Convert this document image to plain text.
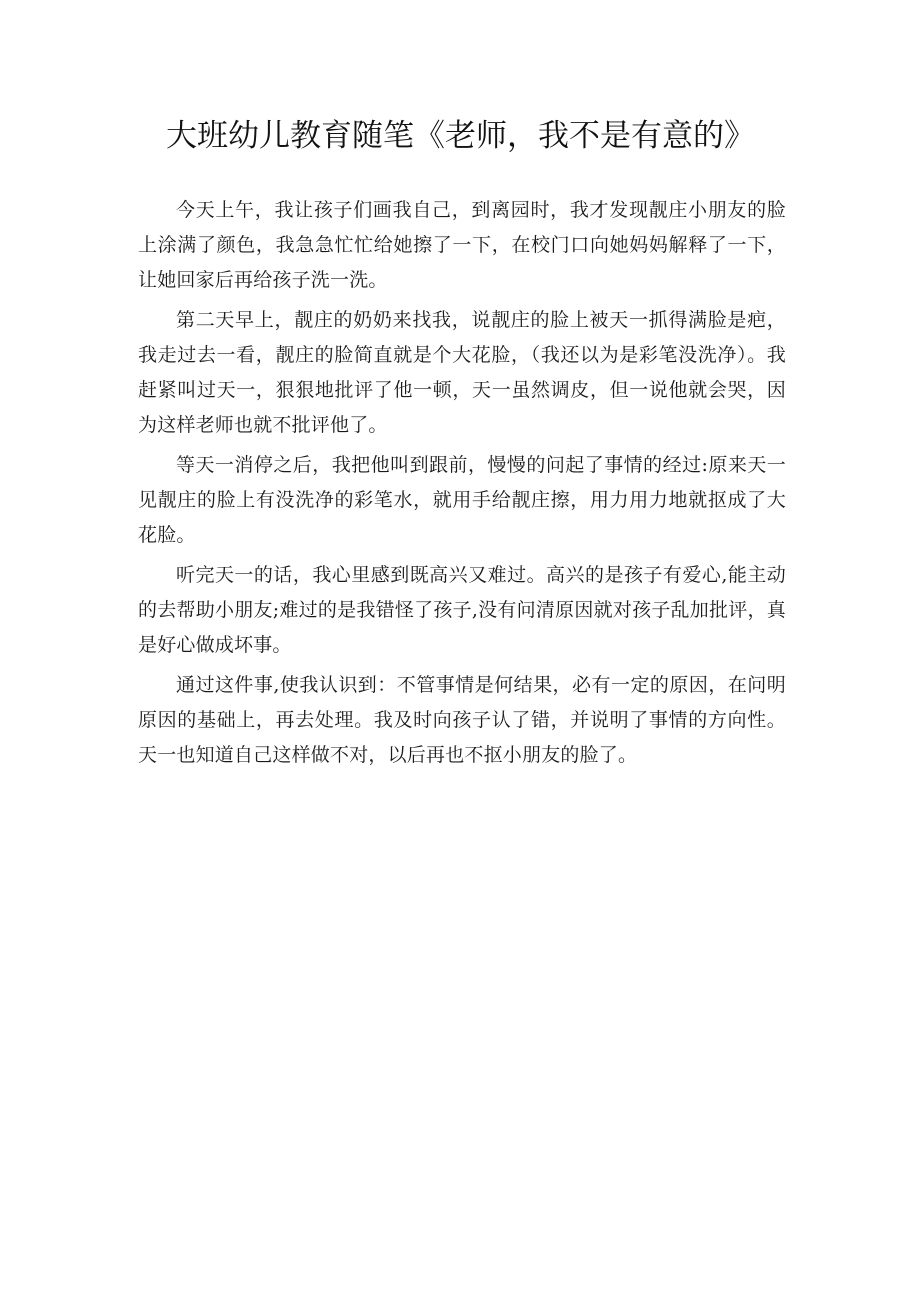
大班幼儿教育随笔《老师，我不是有意的》

今天上午，我让孩子们画我自己，到离园时，我才发现靓庄小朋友的脸上涂满了颜色，我急急忙忙给她擦了一下，在校门口向她妈妈解释了一下，让她回家后再给孩子洗一洗。

第二天早上，靓庄的奶奶来找我，说靓庄的脸上被天一抓得满脸是疤，我走过去一看，靓庄的脸简直就是个大花脸，（我还以为是彩笔没洗净）。我赶紧叫过天一，狠狠地批评了他一顿，天一虽然调皮，但一说他就会哭，因为这样老师也就不批评他了。

等天一消停之后，我把他叫到跟前，慢慢的问起了事情的经过:原来天一见靓庄的脸上有没洗净的彩笔水，就用手给靓庄擦，用力用力地就抠成了大花脸。

听完天一的话，我心里感到既高兴又难过。高兴的是孩子有爱心,能主动的去帮助小朋友;难过的是我错怪了孩子,没有问清原因就对孩子乱加批评，真是好心做成坏事。

通过这件事,使我认识到：不管事情是何结果，必有一定的原因，在问明原因的基础上，再去处理。我及时向孩子认了错，并说明了事情的方向性。天一也知道自己这样做不对，以后再也不抠小朋友的脸了。
